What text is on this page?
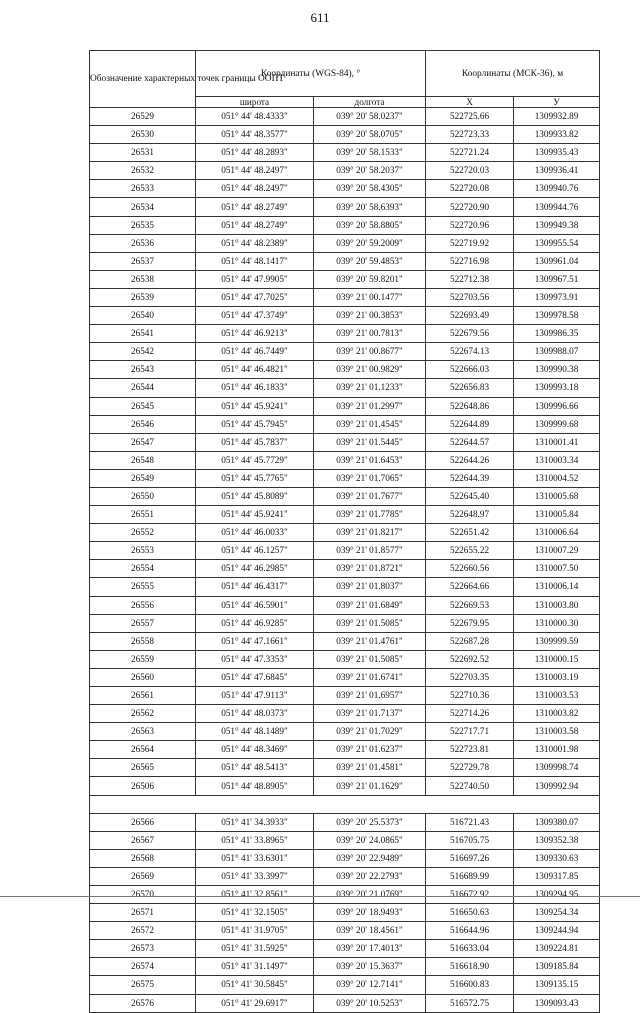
611
Обозначение характерных точек границы ООПТ	Координаты (WGS-84), °		Коорлинаты (МСК-36), м	
	широта	долгота	X	У
26529	051° 44' 48.4333"	039° 20' 58.0237"	522725.66	1309932.89
26530	051° 44' 48.3577"	039° 20' 58.0705"	522723.33	1309933.82
26531	051° 44' 48.2893"	039° 20' 58.1533"	522721.24	1309935.43
26532	051° 44' 48.2497"	039° 20' 58.2037"	522720.03	1309936.41
26533	051° 44' 48.2497"	039° 20' 58.4305"	522720.08	1309940.76
26534	051° 44' 48.2749"	039° 20' 58.6393"	522720.90	1309944.76
26535	051° 44' 48.2749"	039° 20' 58.8805"	522720.96	1309949.38
26536	051° 44' 48.2389"	039° 20' 59.2009"	522719.92	1309955.54
26537	051° 44' 48.1417"	039° 20' 59.4853"	522716.98	1309961.04
26538	051° 44' 47.9905"	039° 20' 59.8201"	522712.38	1309967.51
26539	051° 44' 47.7025"	039° 21' 00.1477"	522703.56	1309973.91
26540	051° 44' 47.3749"	039° 21' 00.3853"	522693.49	1309978.58
26541	051° 44' 46.9213"	039° 21' 00.7813"	522679.56	1309986.35
26542	051° 44' 46.7449"	039° 21' 00.8677"	522674.13	1309988.07
26543	051° 44' 46.4821"	039° 21' 00.9829"	522666.03	1309990.38
26544	051° 44' 46.1833"	039° 21' 01.1233"	522656.83	1309993.18
26545	051° 44' 45.9241"	039° 21' 01.2997"	522648.86	1309996.66
26546	051° 44' 45.7945"	039° 21' 01.4545"	522644.89	1309999.68
26547	051° 44' 45.7837"	039° 21' 01.5445"	522644.57	1310001.41
26548	051° 44' 45.7729"	039° 21' 01.6453"	522644.26	1310003.34
26549	051° 44' 45.7765"	039° 21' 01.7065"	522644.39	1310004.52
26550	051° 44' 45.8089"	039° 21' 01.7677"	522645.40	1310005.68
26551	051° 44' 45.9241"	039° 21' 01.7785"	522648.97	1310005.84
26552	051° 44' 46.0033"	039° 21' 01.8217"	522651.42	1310006.64
26553	051° 44' 46.1257"	039° 21' 01.8577"	522655.22	1310007.29
26554	051° 44' 46.2985"	039° 21' 01.8721"	522660.56	1310007.50
26555	051° 44' 46.4317"	039° 21' 01.8037"	522664.66	1310006.14
26556	051° 44' 46.5901"	039° 21' 01.6849"	522669.53	1310003.80
26557	051° 44' 46.9285"	039° 21' 01.5085"	522679.95	1310000.30
26558	051° 44' 47.1661"	039° 21' 01.4761"	522687.28	1309999.59
26559	051° 44' 47.3353"	039° 21' 01.5085"	522692.52	1310000.15
26560	051° 44' 47.6845"	039° 21' 01.6741"	522703.35	1310003.19
26561	051° 44' 47.9113"	039° 21' 01.6957"	522710.36	1310003.53
26562	051° 44' 48.0373"	039° 21' 01.7137"	522714.26	1310003.82
26563	051° 44' 48.1489"	039° 21' 01.7029"	522717.71	1310003.58
26564	051° 44' 48.3469"	039° 21' 01.6237"	522723.81	1310001.98
26565	051° 44' 48.5413"	039° 21' 01.4581"	522729.78	1309998.74
26506	051° 44' 48.8905"	039° 21' 01.1629"	522740.50	1309992.94

26566	051° 41' 34.3933"	039° 20' 25.5373"	516721.43	1309380.07
26567	051° 41' 33.8965"	039° 20' 24.0865"	516705.75	1309352.38
26568	051° 41' 33.6301"	039° 20' 22.9489"	516697.26	1309330.63
26569	051° 41' 33.3997"	039° 20' 22.2793"	516689.99	1309317.85
26570	051° 41' 32.8561"	039° 20' 21.0769"	516672.92	1309294.95
26571	051° 41' 32.1505"	039° 20' 18.9493"	516650.63	1309254.34
26572	051° 41' 31.9705"	039° 20' 18.4561"	516644.96	1309244.94
26573	051° 41' 31.5925"	039° 20' 17.4013"	516633.04	1309224.81
26574	051° 41' 31.1497"	039° 20' 15.3637"	516618.90	1309185.84
26575	051° 41' 30.5845"	039° 20' 12.7141"	516600.83	1309135.15
26576	051° 41' 29.6917"	039° 20' 10.5253"	516572.75	1309093.43
